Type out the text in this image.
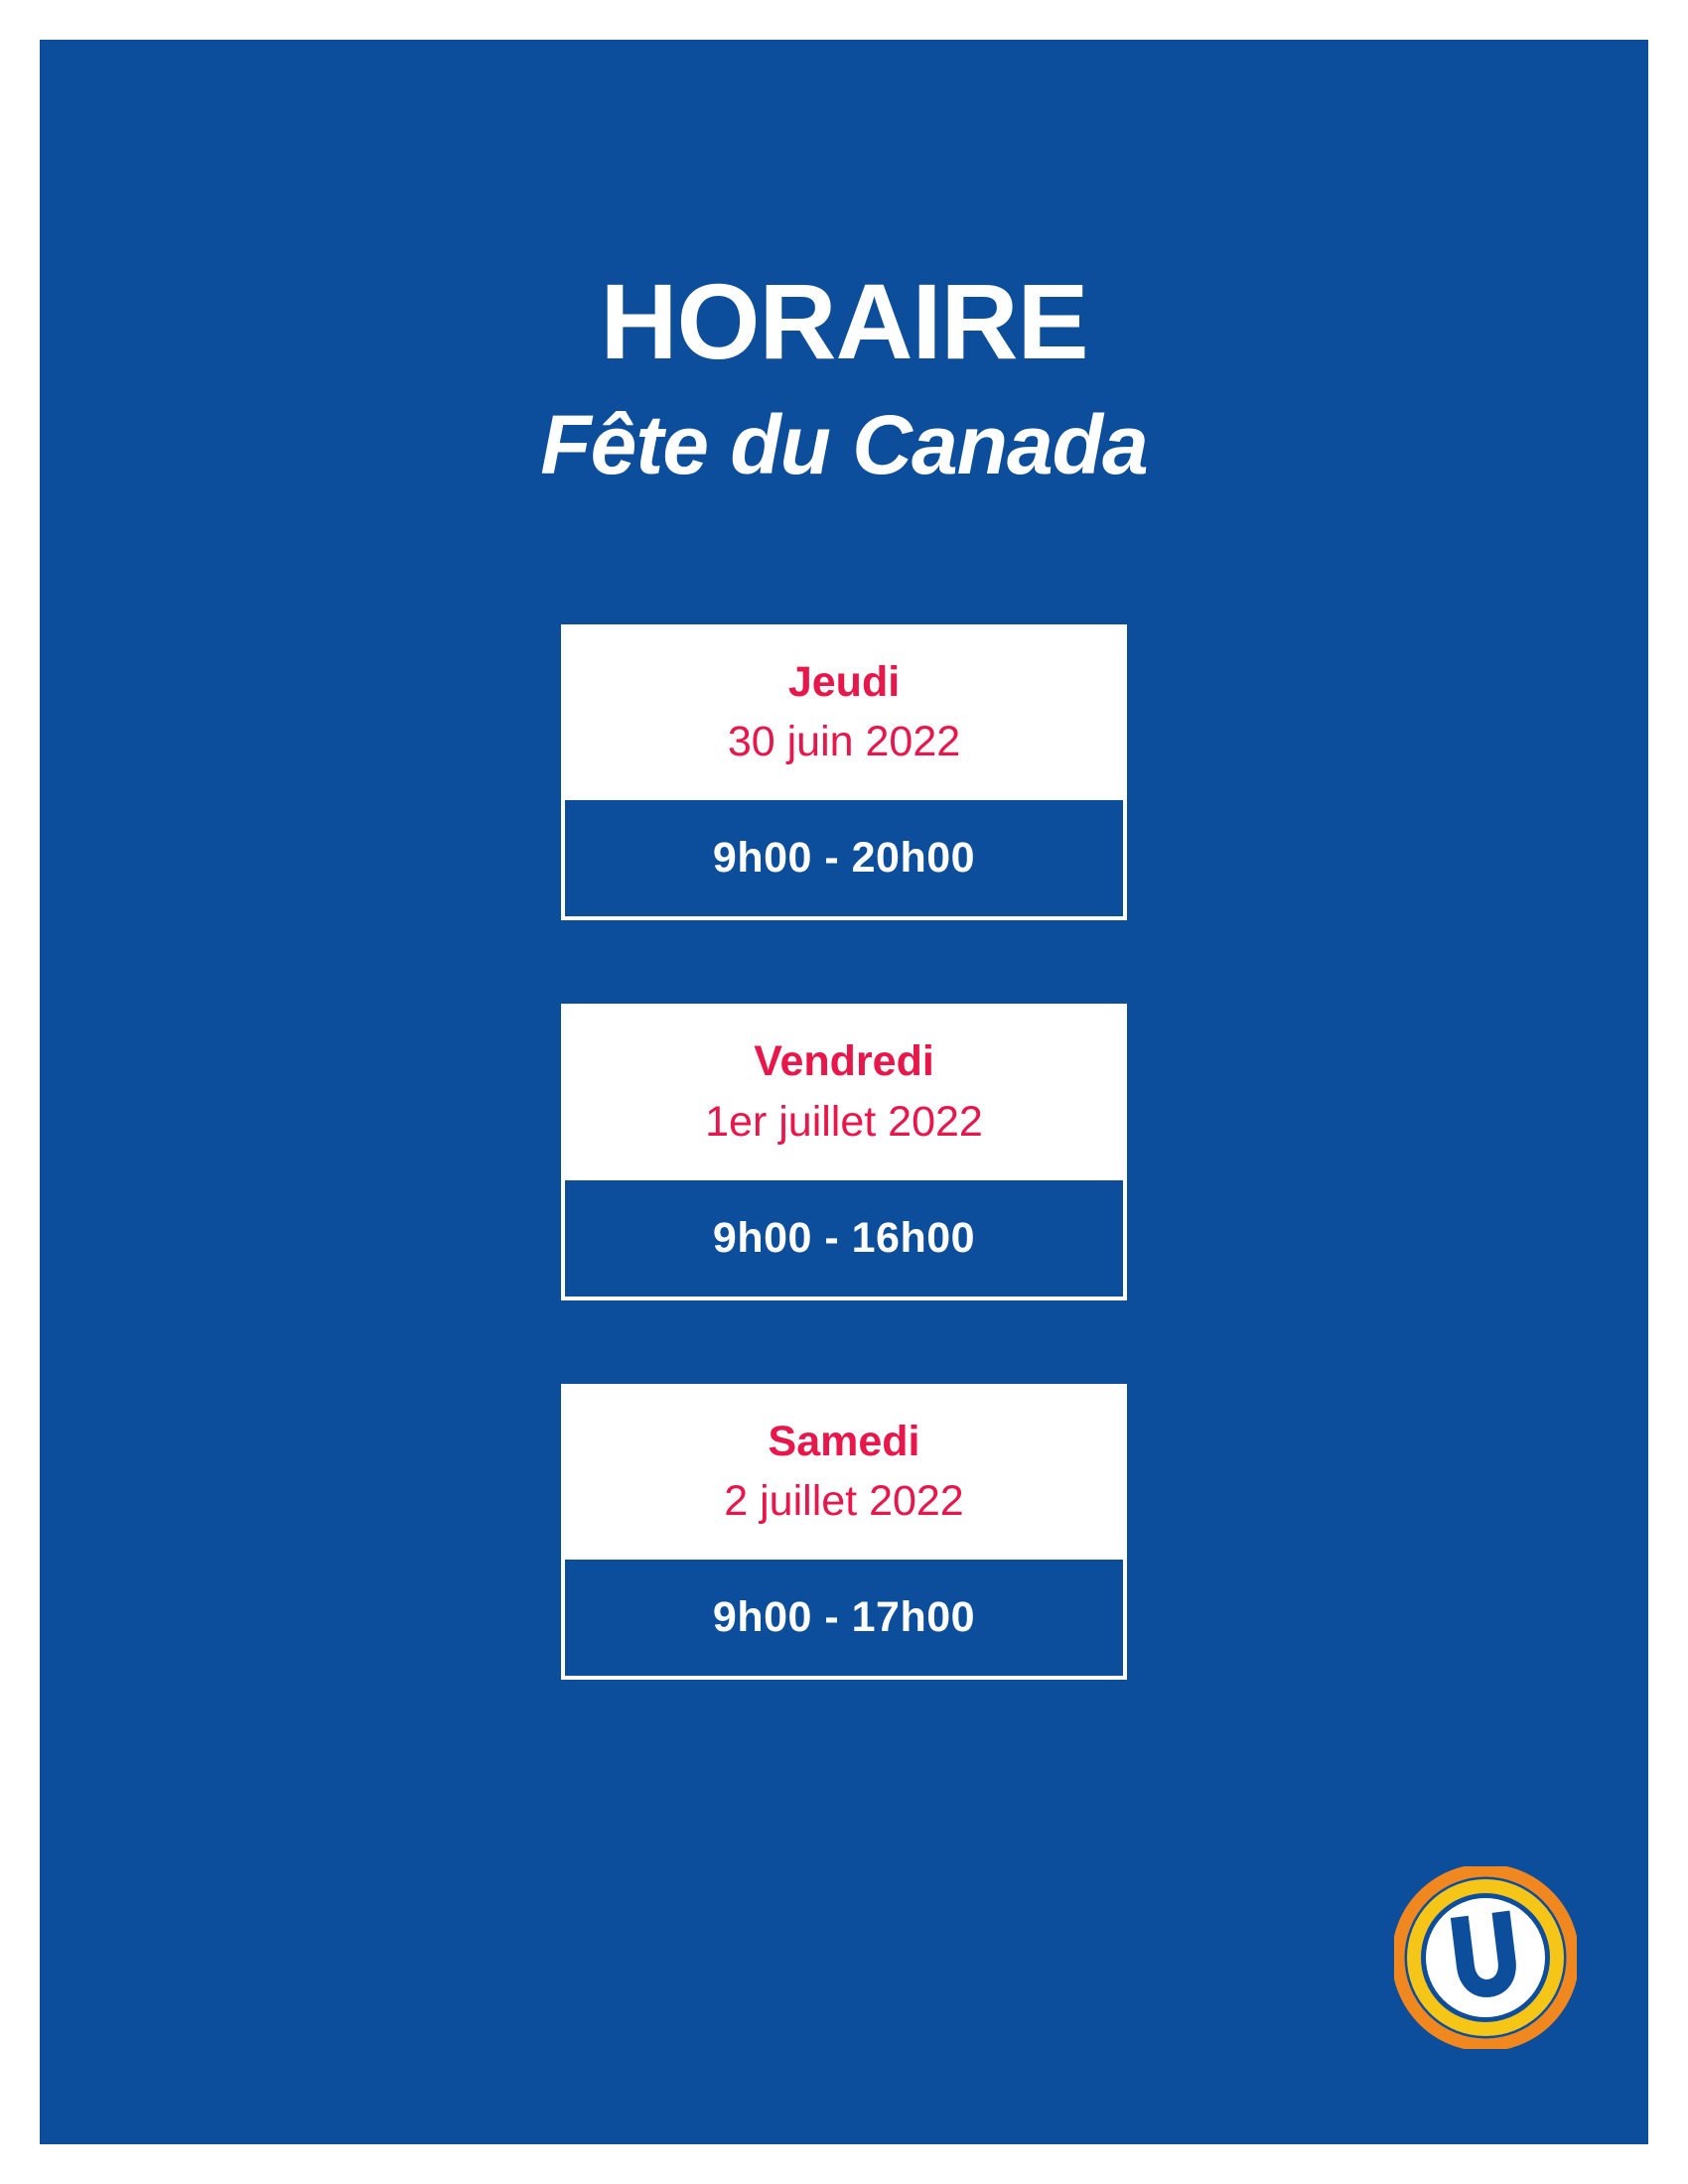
HORAIRE
Fête du Canada
Jeudi
30 juin 2022
9h00 - 20h00
Vendredi
1er juillet 2022
9h00 - 16h00
Samedi
2 juillet 2022
9h00 - 17h00
